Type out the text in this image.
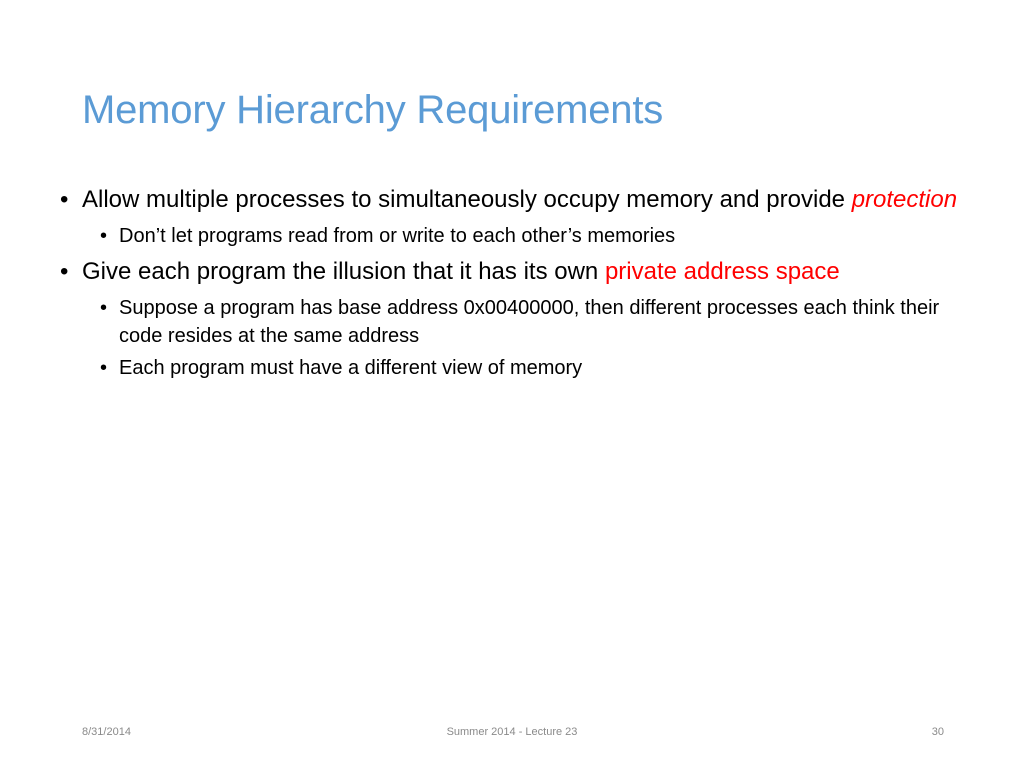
Memory Hierarchy Requirements
• Allow multiple processes to simultaneously occupy memory and provide protection
• Don’t let programs read from or write to each other’s memories
• Give each program the illusion that it has its own private address space
• Suppose a program has base address 0x00400000, then different processes each think their code resides at the same address
• Each program must have a different view of memory
8/31/2014	Summer 2014 - Lecture 23	30
